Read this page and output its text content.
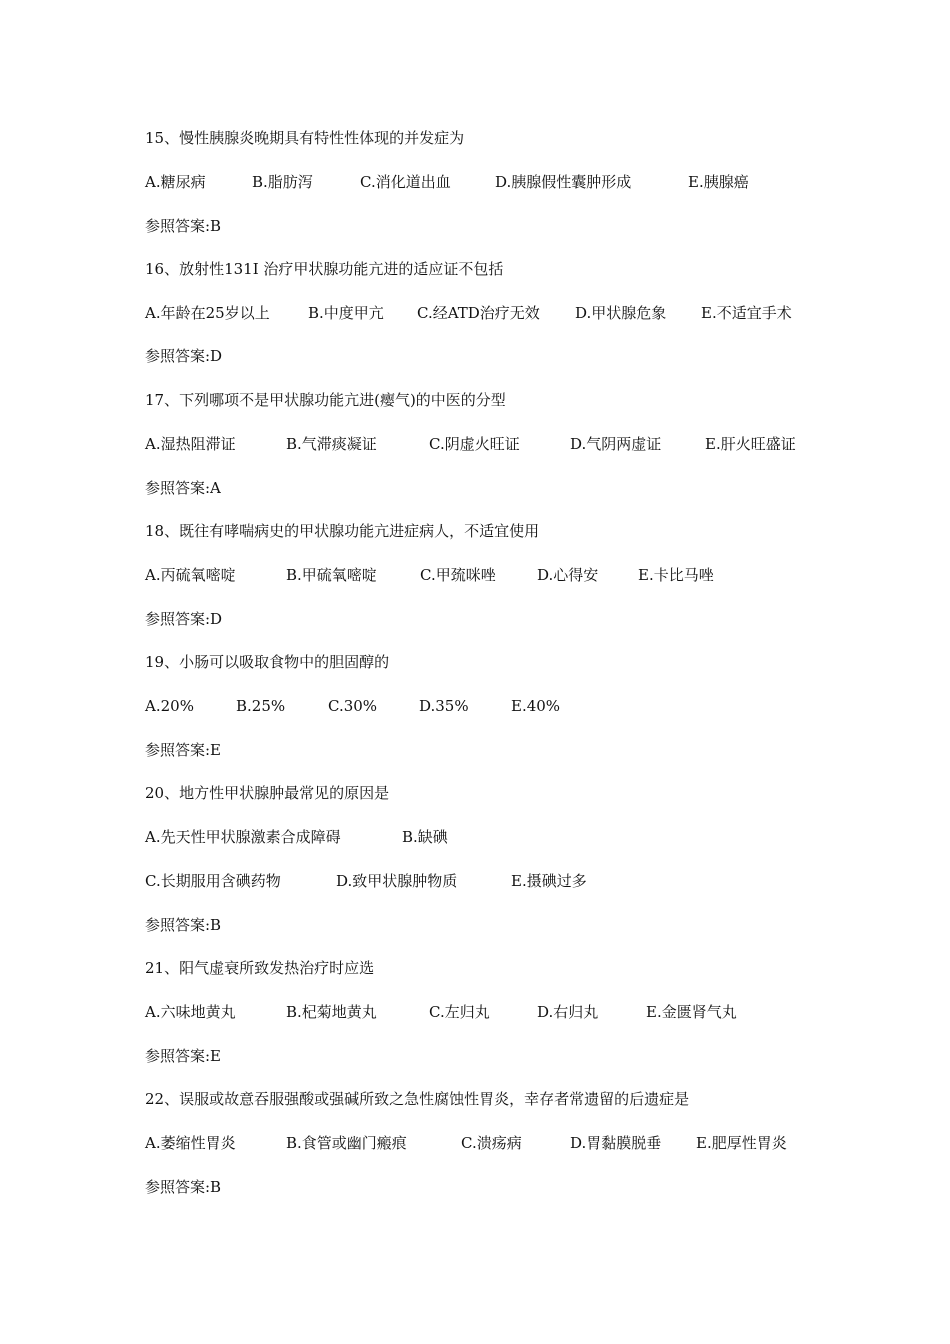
15、慢性胰腺炎晚期具有特性性体现的并发症为
A.糖尿病	B.脂肪泻	C.消化道出血	D.胰腺假性囊肿形成	E.胰腺癌
参照答案:B
16、放射性131Ⅰ 治疗甲状腺功能亢进的适应证不包括
A.年龄在25岁以上	B.中度甲亢 C.经ATD治疗无效 D.甲状腺危象 E.不适宜手术
参照答案:D
17、下列哪项不是甲状腺功能亢进(瘿气)的中医的分型
A.湿热阻滞证	B.气滞痰凝证	C.阴虚火旺证	D.气阴两虚证	E.肝火旺盛证
参照答案:A
18、既往有哮喘病史的甲状腺功能亢进症病人，不适宜使用
A.丙硫氧嘧啶	B.甲硫氧嘧啶	C.甲巯咪唑	D.心得安	E.卡比马唑
参照答案:D
19、小肠可以吸取食物中的胆固醇的
A.20%	B.25%	C.30%	D.35%	E.40%
参照答案:E
20、地方性甲状腺肿最常见的原因是
A.先天性甲状腺激素合成障碍	B.缺碘
C.长期服用含碘药物	D.致甲状腺肿物质	E.摄碘过多
参照答案:B
21、阳气虚衰所致发热治疗时应选
A.六味地黄丸	B.杞菊地黄丸	C.左归丸	D.右归丸	E.金匮肾气丸
参照答案:E
22、误服或故意吞服强酸或强碱所致之急性腐蚀性胃炎，幸存者常遗留的后遗症是
A.萎缩性胃炎	B.食管或幽门瘢痕	C.溃疡病	D.胃黏膜脱垂 E.肥厚性胃炎
参照答案:B
